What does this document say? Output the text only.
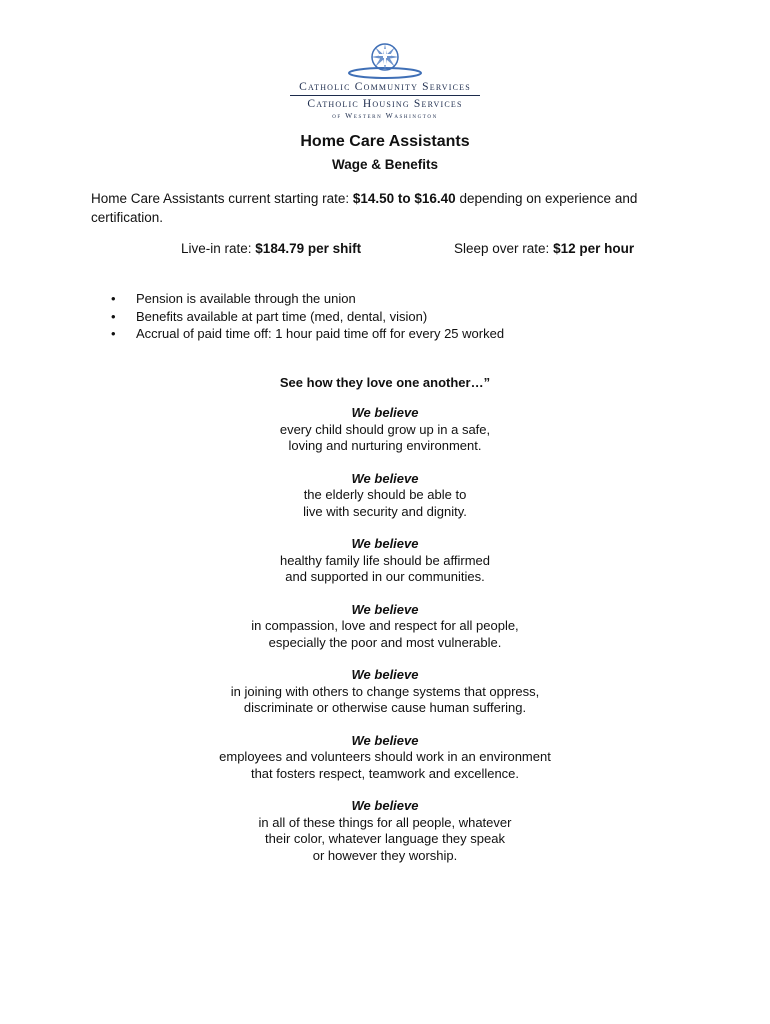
Catholic Community Services
Catholic Housing Services
of Western Washington
Home Care Assistants
Wage & Benefits
Home Care Assistants current starting rate: $14.50 to $16.40 depending on experience and certification.
Live-in rate: $184.79 per shift	Sleep over rate: $12 per hour
• Pension is available through the union
• Benefits available at part time (med, dental, vision)
• Accrual of paid time off: 1 hour paid time off for every 25 worked
See how they love one another…”
We believe
every child should grow up in a safe,
loving and nurturing environment.
We believe
the elderly should be able to
live with security and dignity.
We believe
healthy family life should be affirmed
and supported in our communities.
We believe
in compassion, love and respect for all people,
especially the poor and most vulnerable.
We believe
in joining with others to change systems that oppress,
discriminate or otherwise cause human suffering.
We believe
employees and volunteers should work in an environment
that fosters respect, teamwork and excellence.
We believe
in all of these things for all people, whatever
their color, whatever language they speak
or however they worship.
